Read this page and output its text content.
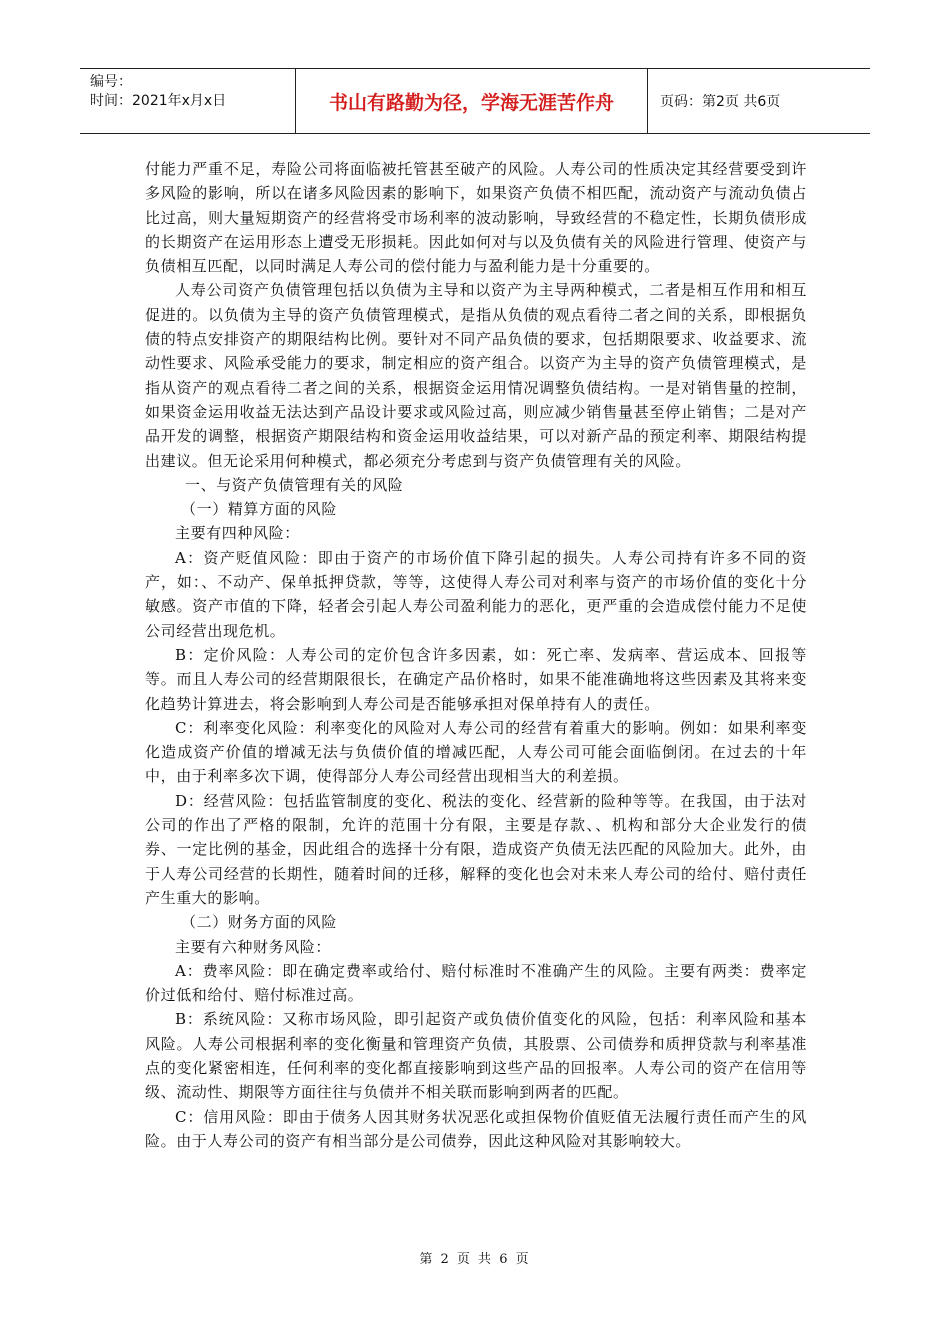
编号：
时间：2021年x月x日	书山有路勤为径，学海无涯苦作舟	页码：第2页 共6页

付能力严重不足，寿险公司将面临被托管甚至破产的风险。人寿公司的性质决定其经营要受到许多风险的影响，所以在诸多风险因素的影响下，如果资产负债不相匹配，流动资产与流动负债占比过高，则大量短期资产的经营将受市场利率的波动影响，导致经营的不稳定性，长期负债形成的长期资产在运用形态上遭受无形损耗。因此如何对与以及负债有关的风险进行管理、使资产与负债相互匹配，以同时满足人寿公司的偿付能力与盈利能力是十分重要的。

人寿公司资产负债管理包括以负债为主导和以资产为主导两种模式，二者是相互作用和相互促进的。以负债为主导的资产负债管理模式，是指从负债的观点看待二者之间的关系，即根据负债的特点安排资产的期限结构比例。要针对不同产品负债的要求，包括期限要求、收益要求、流动性要求、风险承受能力的要求，制定相应的资产组合。以资产为主导的资产负债管理模式，是指从资产的观点看待二者之间的关系，根据资金运用情况调整负债结构。一是对销售量的控制，如果资金运用收益无法达到产品设计要求或风险过高，则应减少销售量甚至停止销售；二是对产品开发的调整，根据资产期限结构和资金运用收益结果，可以对新产品的预定利率、期限结构提出建议。但无论采用何种模式，都必须充分考虑到与资产负债管理有关的风险。

一、与资产负债管理有关的风险

（一）精算方面的风险

主要有四种风险：

A：资产贬值风险：即由于资产的市场价值下降引起的损失。人寿公司持有许多不同的资产，如：、不动产、保单抵押贷款，等等，这使得人寿公司对利率与资产的市场价值的变化十分敏感。资产市值的下降，轻者会引起人寿公司盈利能力的恶化，更严重的会造成偿付能力不足使公司经营出现危机。

B：定价风险：人寿公司的定价包含许多因素，如：死亡率、发病率、营运成本、回报等等。而且人寿公司的经营期限很长，在确定产品价格时，如果不能准确地将这些因素及其将来变化趋势计算进去，将会影响到人寿公司是否能够承担对保单持有人的责任。

C：利率变化风险：利率变化的风险对人寿公司的经营有着重大的影响。例如：如果利率变化造成资产价值的增减无法与负债价值的增减匹配，人寿公司可能会面临倒闭。在过去的十年中，由于利率多次下调，使得部分人寿公司经营出现相当大的利差损。

D：经营风险：包括监管制度的变化、税法的变化、经营新的险种等等。在我国，由于法对公司的作出了严格的限制，允许的范围十分有限，主要是存款、、机构和部分大企业发行的债券、一定比例的基金，因此组合的选择十分有限，造成资产负债无法匹配的风险加大。此外，由于人寿公司经营的长期性，随着时间的迁移，解释的变化也会对未来人寿公司的给付、赔付责任产生重大的影响。

（二）财务方面的风险

主要有六种财务风险：

A：费率风险：即在确定费率或给付、赔付标准时不准确产生的风险。主要有两类：费率定价过低和给付、赔付标准过高。

B：系统风险：又称市场风险，即引起资产或负债价值变化的风险，包括：利率风险和基本风险。人寿公司根据利率的变化衡量和管理资产负债，其股票、公司债券和质押贷款与利率基准点的变化紧密相连，任何利率的变化都直接影响到这些产品的回报率。人寿公司的资产在信用等级、流动性、期限等方面往往与负债并不相关联而影响到两者的匹配。

C：信用风险：即由于债务人因其财务状况恶化或担保物价值贬值无法履行责任而产生的风险。由于人寿公司的资产有相当部分是公司债券，因此这种风险对其影响较大。

第 2 页 共 6 页
